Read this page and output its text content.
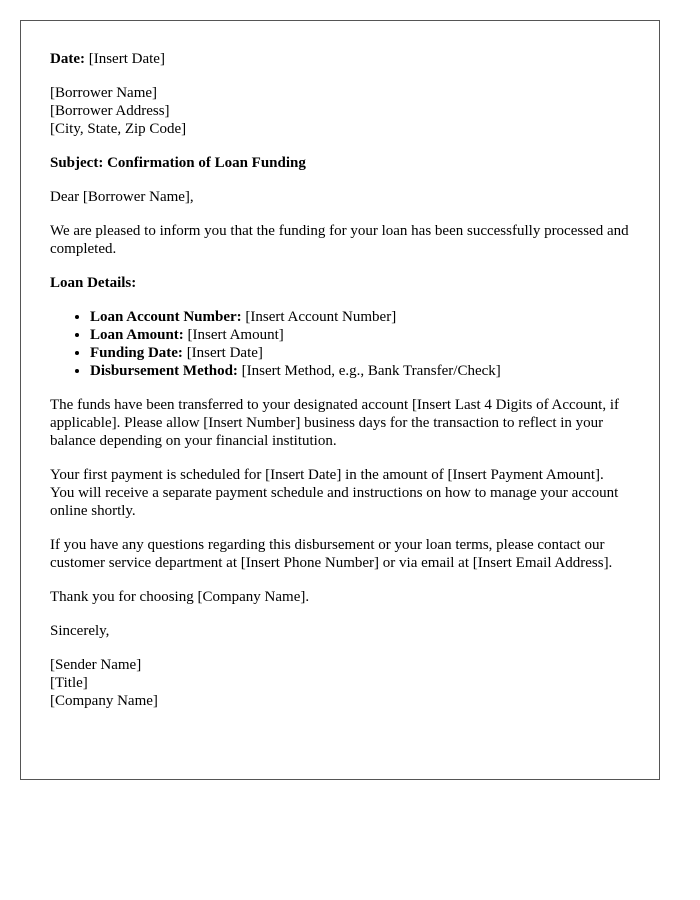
Date: [Insert Date]

[Borrower Name]
[Borrower Address]
[City, State, Zip Code]

Subject: Confirmation of Loan Funding

Dear [Borrower Name],

We are pleased to inform you that the funding for your loan has been successfully processed and completed.

Loan Details:

• Loan Account Number: [Insert Account Number]
• Loan Amount: [Insert Amount]
• Funding Date: [Insert Date]
• Disbursement Method: [Insert Method, e.g., Bank Transfer/Check]

The funds have been transferred to your designated account [Insert Last 4 Digits of Account, if applicable]. Please allow [Insert Number] business days for the transaction to reflect in your balance depending on your financial institution.

Your first payment is scheduled for [Insert Date] in the amount of [Insert Payment Amount]. You will receive a separate payment schedule and instructions on how to manage your account online shortly.

If you have any questions regarding this disbursement or your loan terms, please contact our customer service department at [Insert Phone Number] or via email at [Insert Email Address].

Thank you for choosing [Company Name].

Sincerely,

[Sender Name]
[Title]
[Company Name]
